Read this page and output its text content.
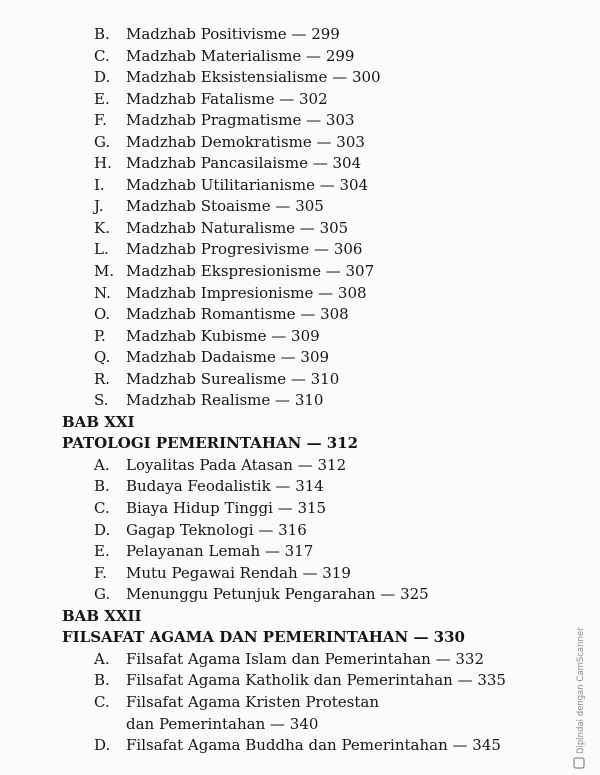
B. Madzhab Positivisme — 299
C. Madzhab Materialisme — 299
D. Madzhab Eksistensialisme — 300
E. Madzhab Fatalisme — 302
F. Madzhab Pragmatisme — 303
G. Madzhab Demokratisme — 303
H. Madzhab Pancasilaisme — 304
I. Madzhab Utilitarianisme — 304
J. Madzhab Stoaisme — 305
K. Madzhab Naturalisme — 305
L. Madzhab Progresivisme — 306
M. Madzhab Ekspresionisme — 307
N. Madzhab Impresionisme — 308
O. Madzhab Romantisme — 308
P. Madzhab Kubisme — 309
Q. Madzhab Dadaisme — 309
R. Madzhab Surealisme — 310
S. Madzhab Realisme — 310
BAB XXI
PATOLOGI PEMERINTAHAN — 312
A. Loyalitas Pada Atasan — 312
B. Budaya Feodalistik — 314
C. Biaya Hidup Tinggi — 315
D. Gagap Teknologi — 316
E. Pelayanan Lemah — 317
F. Mutu Pegawai Rendah — 319
G. Menunggu Petunjuk Pengarahan — 325
BAB XXII
FILSAFAT AGAMA DAN PEMERINTAHAN — 330
A. Filsafat Agama Islam dan Pemerintahan — 332
B. Filsafat Agama Katholik dan Pemerintahan — 335
C. Filsafat Agama Kristen Protestan
dan Pemerintahan — 340
D. Filsafat Agama Buddha dan Pemerintahan — 345	Dipindai dengan CamScanner
